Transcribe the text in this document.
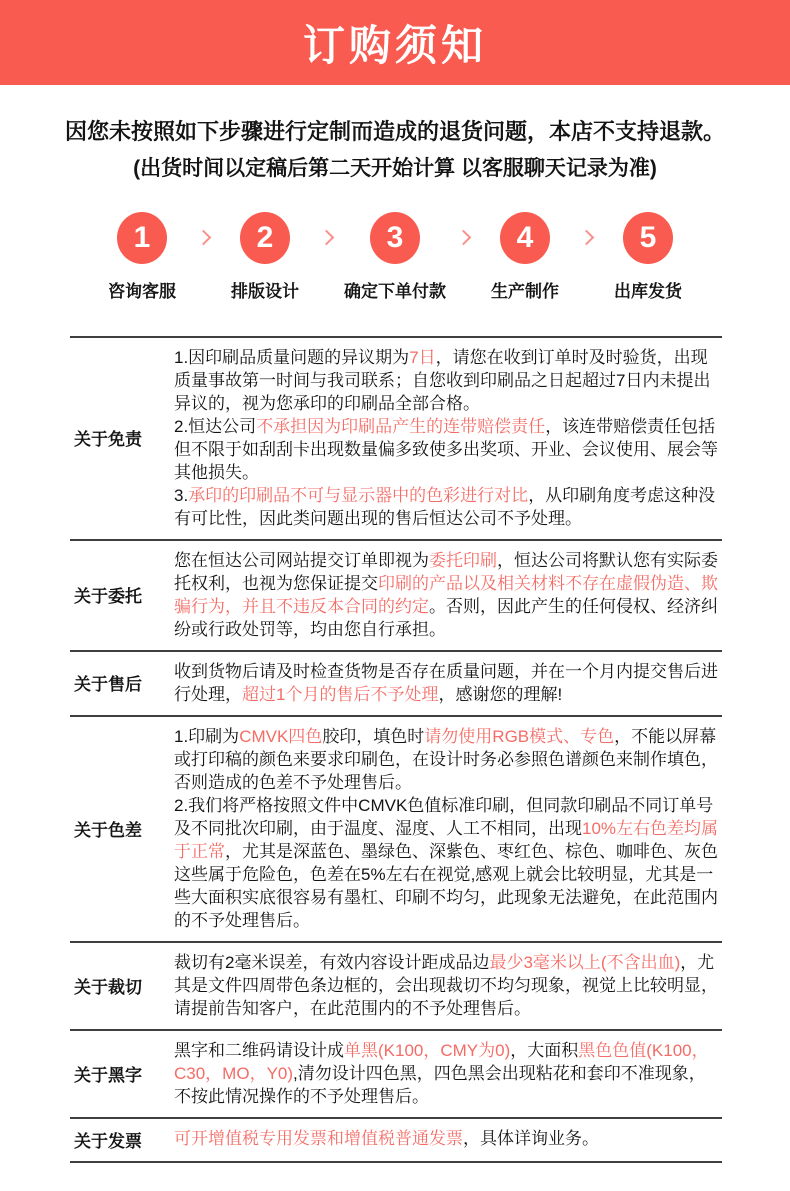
订购须知
因您未按照如下步骤进行定制而造成的退货问题，本店不支持退款。
(出货时间以定稿后第二天开始计算 以客服聊天记录为准)
1
咨询客服
2
排版设计
3
确定下单付款
4
生产制作
5
出库发货
关于免责
1.因印刷品质量问题的异议期为7日，请您在收到订单时及时验货，出现质量事故第一时间与我司联系；自您收到印刷品之日起超过7日内未提出异议的，视为您承印的印刷品全部合格。
2.恒达公司不承担因为印刷品产生的连带赔偿责任，该连带赔偿责任包括但不限于如刮刮卡出现数量偏多致使多出奖项、开业、会议使用、展会等其他损失。
3.承印的印刷品不可与显示器中的色彩进行对比，从印刷角度考虑这种没有可比性，因此类问题出现的售后恒达公司不予处理。
关于委托
您在恒达公司网站提交订单即视为委托印刷，恒达公司将默认您有实际委托权利，也视为您保证提交印刷的产品以及相关材料不存在虚假伪造、欺骗行为，并且不违反本合同的约定。否则，因此产生的任何侵权、经济纠纷或行政处罚等，均由您自行承担。
关于售后
收到货物后请及时检查货物是否存在质量问题，并在一个月内提交售后进行处理，超过1个月的售后不予处理，感谢您的理解!
关于色差
1.印刷为CMVK四色胶印，填色时请勿使用RGB模式、专色，不能以屏幕或打印稿的颜色来要求印刷色，在设计时务必参照色谱颜色来制作填色，否则造成的色差不予处理售后。
2.我们将严格按照文件中CMVK色值标准印刷，但同款印刷品不同订单号及不同批次印刷，由于温度、湿度、人工不相同，出现10%左右色差均属于正常，尤其是深蓝色、墨绿色、深紫色、枣红色、棕色、咖啡色、灰色这些属于危险色，色差在5%左右在视觉,感观上就会比较明显，尤其是一些大面积实底很容易有墨杠、印刷不均匀，此现象无法避免，在此范围内的不予处理售后。
关于裁切
裁切有2毫米误差，有效内容设计距成品边最少3毫米以上(不含出血)，尤其是文件四周带色条边框的，会出现裁切不均匀现象，视觉上比较明显，请提前告知客户，在此范围内的不予处理售后。
关于黑字
黑字和二维码请设计成单黑(K100，CMY为0)，大面积黑色色值(K100，C30，MO，Y0),清勿设计四色黑，四色黑会出现粘花和套印不准现象，不按此情况操作的不予处理售后。
关于发票	可开增值税专用发票和增值税普通发票，具体详询业务。
